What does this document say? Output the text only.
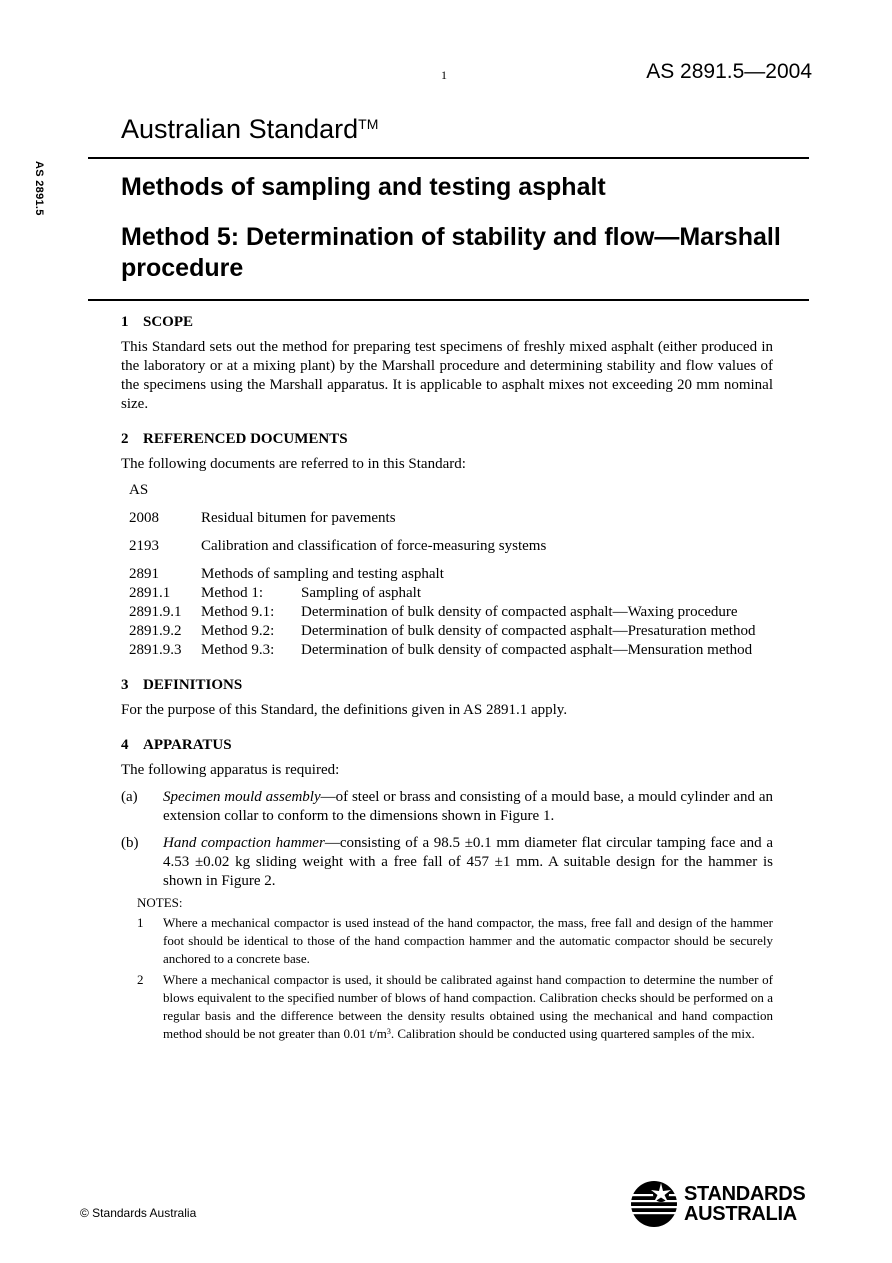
1	AS 2891.5—2004
Australian Standard™
AS 2891.5	Methods of sampling and testing asphalt
Method 5: Determination of stability and flow—Marshall procedure
1 SCOPE

This Standard sets out the method for preparing test specimens of freshly mixed asphalt (either produced in the laboratory or at a mixing plant) by the Marshall procedure and determining stability and flow values of the specimens using the Marshall apparatus. It is applicable to asphalt mixes not exceeding 20 mm nominal size.

2 REFERENCED DOCUMENTS

The following documents are referred to in this Standard:

AS		
2008	Residual bitumen for pavements	
2193	Calibration and classification of force-measuring systems	
2891	Methods of sampling and testing asphalt	
2891.1	Method 1:	Sampling of asphalt
2891.9.1	Method 9.1:	Determination of bulk density of compacted asphalt—Waxing procedure
2891.9.2	Method 9.2:	Determination of bulk density of compacted asphalt—Presaturation method
2891.9.3	Method 9.3:	Determination of bulk density of compacted asphalt—Mensuration method
3 DEFINITIONS

For the purpose of this Standard, the definitions given in AS 2891.1 apply.

4 APPARATUS

The following apparatus is required:

(a)	Specimen mould assembly—of steel or brass and consisting of a mould base, a mould cylinder and an extension collar to conform to the dimensions shown in Figure 1.
(b)	Hand compaction hammer—consisting of a 98.5 ±0.1 mm diameter flat circular tamping face and a 4.53 ±0.02 kg sliding weight with a free fall of 457 ±1 mm. A suitable design for the hammer is shown in Figure 2.
NOTES:
1	Where a mechanical compactor is used instead of the hand compactor, the mass, free fall and design of the hammer foot should be identical to those of the hand compaction hammer and the automatic compactor should be securely anchored to a concrete base.
2	Where a mechanical compactor is used, it should be calibrated against hand compaction to determine the number of blows equivalent to the specified number of blows of hand compaction. Calibration checks should be performed on a regular basis and the difference between the density results obtained using the mechanical and hand compaction method should be not greater than 0.01 $t/m^3$. Calibration should be conducted using quartered samples of the mix.
© Standards Australia
STANDARDS
AUSTRALIA
